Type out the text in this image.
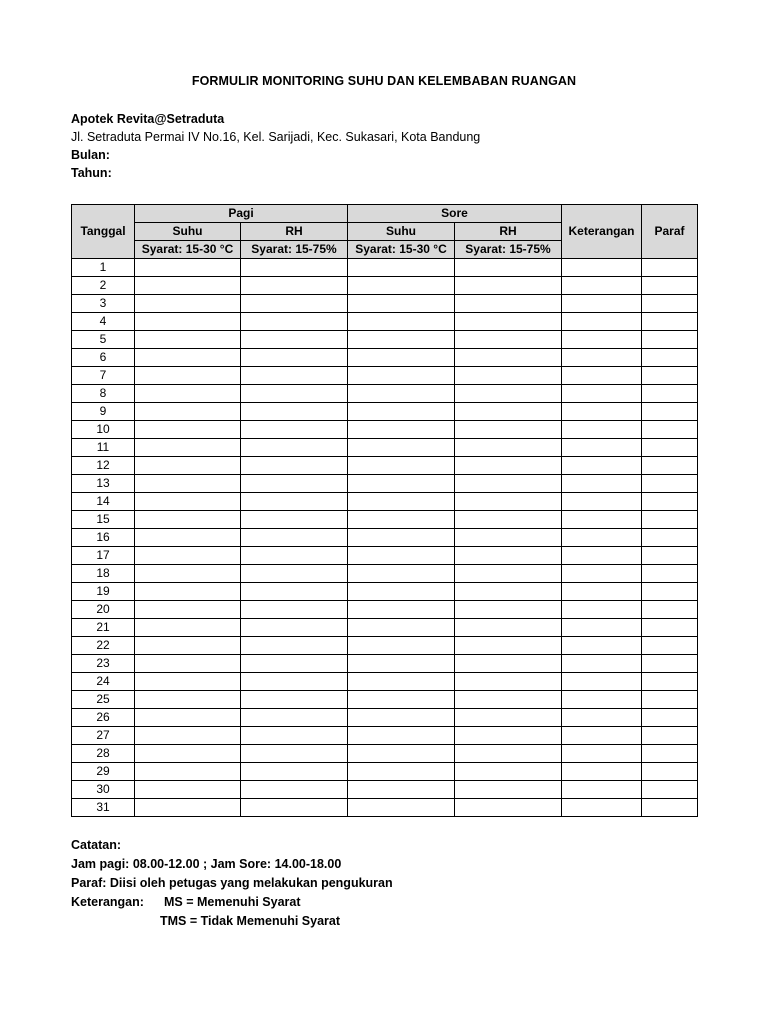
FORMULIR MONITORING SUHU DAN KELEMBABAN RUANGAN
Apotek Revita@Setraduta
Jl. Setraduta Permai IV No.16, Kel. Sarijadi, Kec. Sukasari, Kota Bandung
Bulan:
Tahun:
Tanggal	Pagi		Sore		Keterangan	Paraf
	Suhu	RH	Suhu	RH		
	Syarat: 15-30 °C	Syarat: 15-75%	Syarat: 15-30 °C	Syarat: 15-75%		
1						
2						
3						
4						
5						
6						
7						
8						
9						
10						
11						
12						
13						
14						
15						
16						
17						
18						
19						
20						
21						
22						
23						
24						
25						
26						
27						
28						
29						
30						
31						
Catatan:
Jam pagi: 08.00-12.00 ; Jam Sore: 14.00-18.00
Paraf: Diisi oleh petugas yang melakukan pengukuran
Keterangan: MS = Memenuhi Syarat
TMS = Tidak Memenuhi Syarat
